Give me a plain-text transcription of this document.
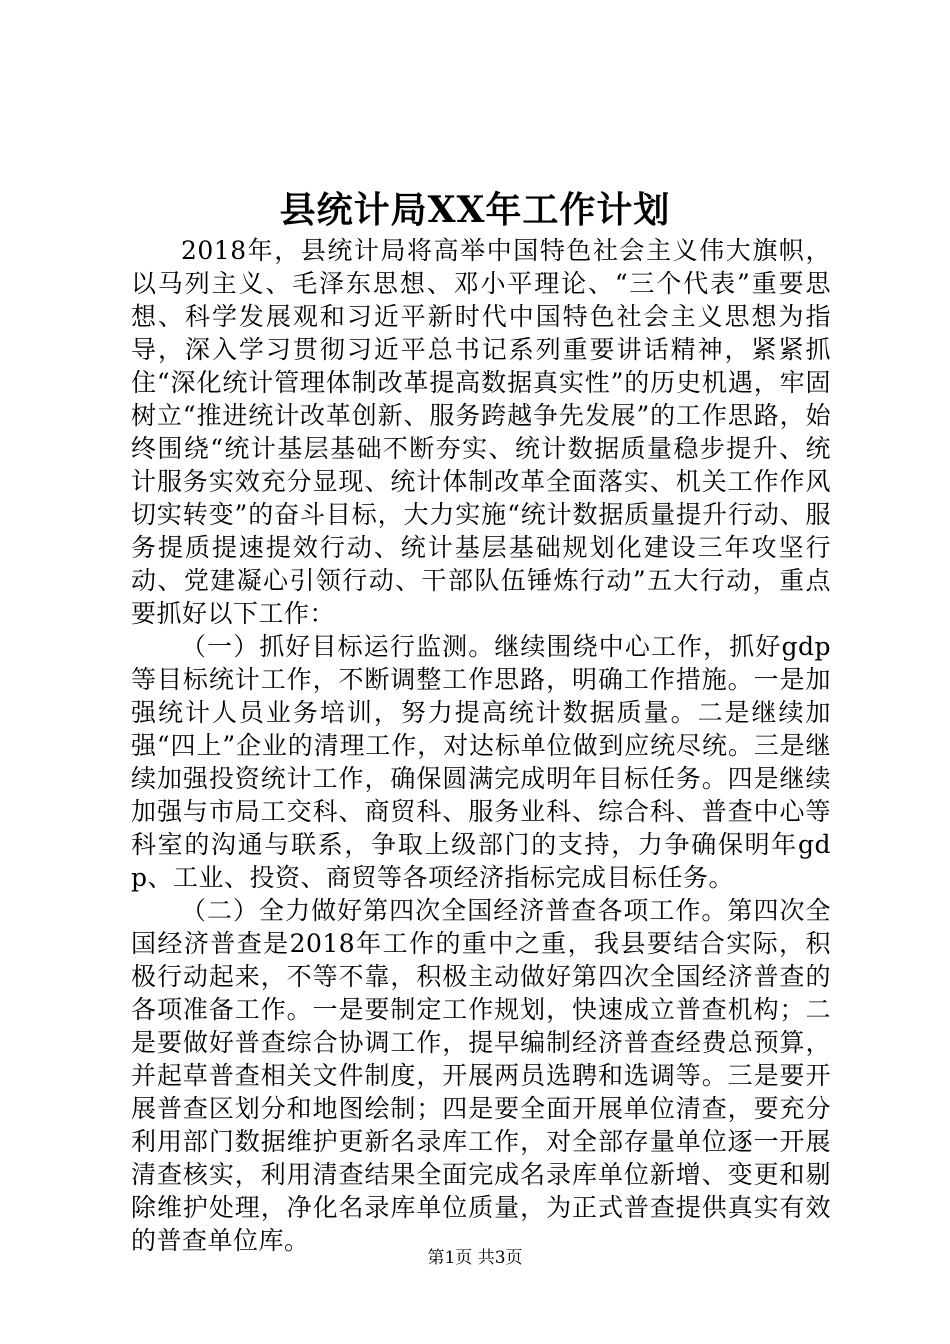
县统计局XX年工作计划

2018年，县统计局将高举中国特色社会主义伟大旗帜，以马列主义、毛泽东思想、邓小平理论、“三个代表”重要思想、科学发展观和习近平新时代中国特色社会主义思想为指导，深入学习贯彻习近平总书记系列重要讲话精神，紧紧抓住“深化统计管理体制改革提高数据真实性”的历史机遇，牢固树立“推进统计改革创新、服务跨越争先发展”的工作思路，始终围绕“统计基层基础不断夯实、统计数据质量稳步提升、统计服务实效充分显现、统计体制改革全面落实、机关工作作风切实转变”的奋斗目标，大力实施“统计数据质量提升行动、服务提质提速提效行动、统计基层基础规划化建设三年攻坚行动、党建凝心引领行动、干部队伍锤炼行动”五大行动，重点要抓好以下工作：

（一）抓好目标运行监测。继续围绕中心工作，抓好gdp等目标统计工作，不断调整工作思路，明确工作措施。一是加强统计人员业务培训，努力提高统计数据质量。二是继续加强“四上”企业的清理工作，对达标单位做到应统尽统。三是继续加强投资统计工作，确保圆满完成明年目标任务。四是继续加强与市局工交科、商贸科、服务业科、综合科、普查中心等科室的沟通与联系，争取上级部门的支持，力争确保明年gdp、工业、投资、商贸等各项经济指标完成目标任务。

（二）全力做好第四次全国经济普查各项工作。第四次全国经济普查是2018年工作的重中之重，我县要结合实际，积极行动起来，不等不靠，积极主动做好第四次全国经济普查的各项准备工作。一是要制定工作规划，快速成立普查机构；二是要做好普查综合协调工作，提早编制经济普查经费总预算，并起草普查相关文件制度，开展两员选聘和选调等。三是要开展普查区划分和地图绘制；四是要全面开展单位清查，要充分利用部门数据维护更新名录库工作，对全部存量单位逐一开展清查核实，利用清查结果全面完成名录库单位新增、变更和剔除维护处理，净化名录库单位质量，为正式普查提供真实有效的普查单位库。

第1页 共3页
